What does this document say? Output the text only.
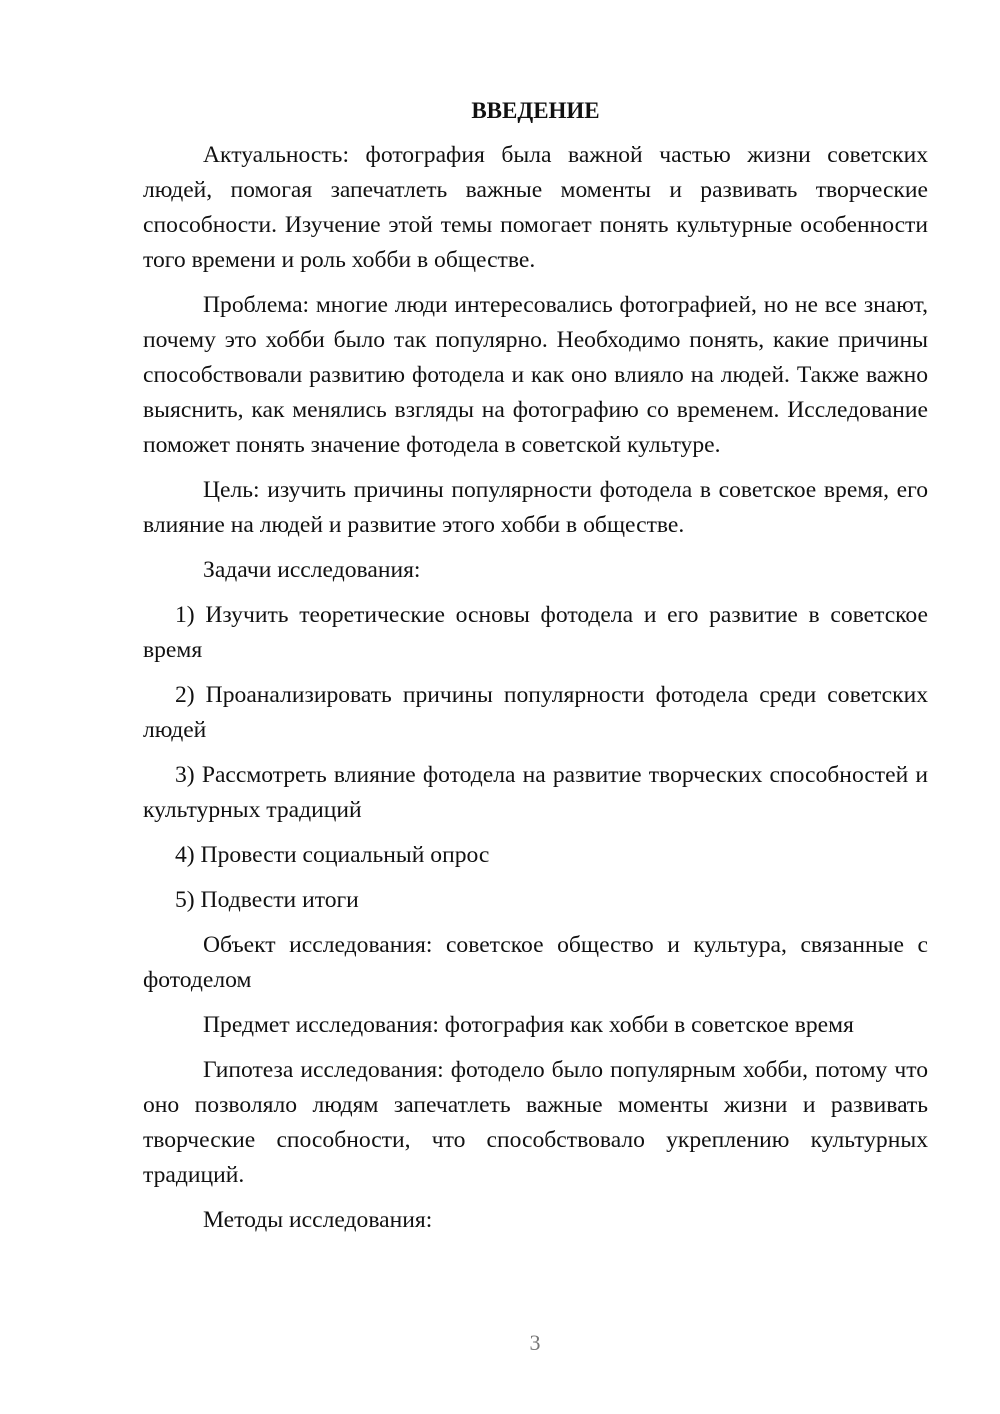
ВВЕДЕНИЕ

Актуальность: фотография была важной частью жизни советских людей, помогая запечатлеть важные моменты и развивать творческие способности. Изучение этой темы помогает понять культурные особенности того времени и роль хобби в обществе.

Проблема: многие люди интересовались фотографией, но не все знают, почему это хобби было так популярно. Необходимо понять, какие причины способствовали развитию фотодела и как оно влияло на людей. Также важно выяснить, как менялись взгляды на фотографию со временем. Исследование поможет понять значение фотодела в советской культуре.

Цель: изучить причины популярности фотодела в советское время, его влияние на людей и развитие этого хобби в обществе.

Задачи исследования:

1) Изучить теоретические основы фотодела и его развитие в советское время

2) Проанализировать причины популярности фотодела среди советских людей

3) Рассмотреть влияние фотодела на развитие творческих способностей и культурных традиций

4) Провести социальный опрос

5) Подвести итоги

Объект исследования: советское общество и культура, связанные с фотоделом

Предмет исследования: фотография как хобби в советское время

Гипотеза исследования: фотодело было популярным хобби, потому что оно позволяло людям запечатлеть важные моменты жизни и развивать творческие способности, что способствовало укреплению культурных традиций.

Методы исследования:

3
